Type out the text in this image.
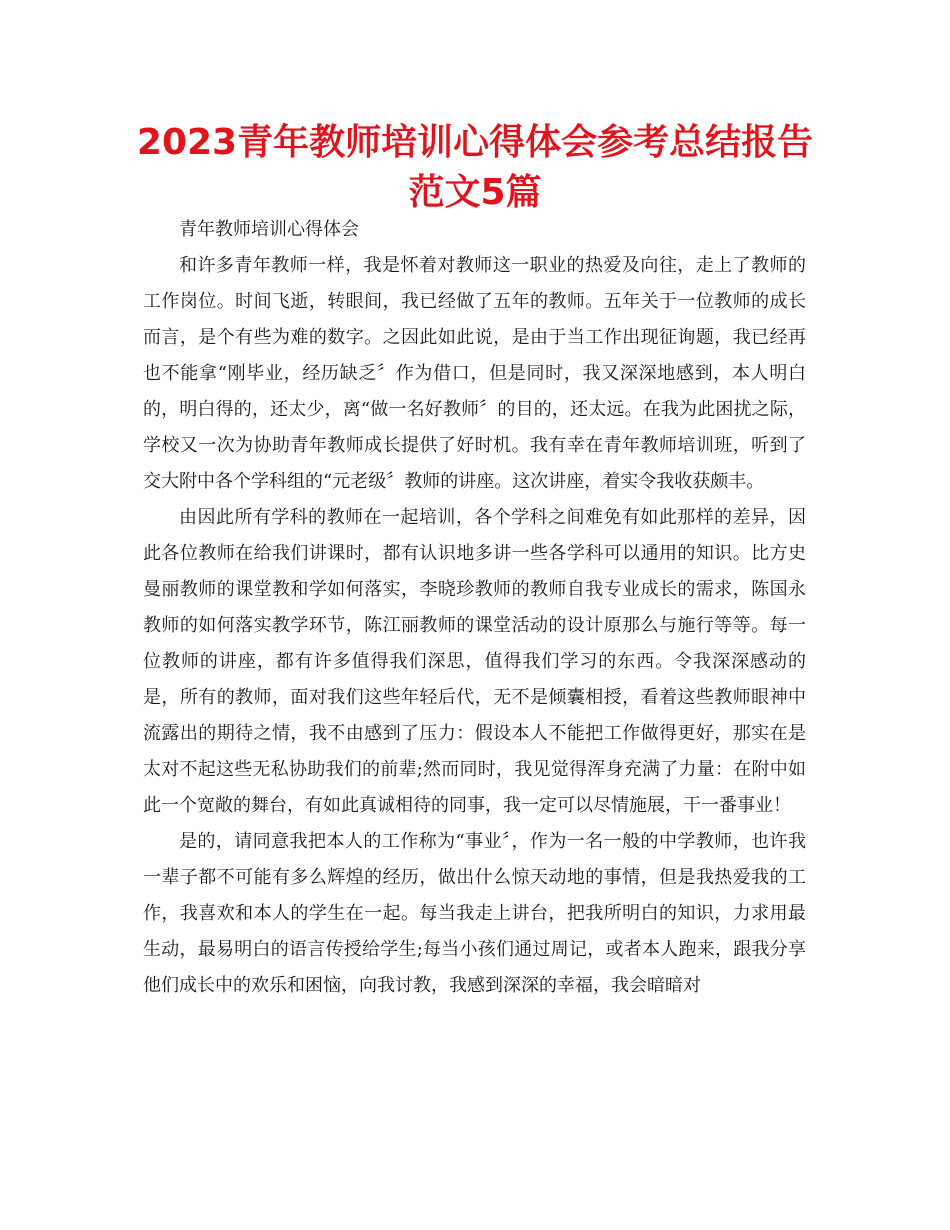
2023青年教师培训心得体会参考总结报告范文5篇

青年教师培训心得体会

和许多青年教师一样，我是怀着对教师这一职业的热爱及向往，走上了教师的工作岗位。时间飞逝，转眼间，我已经做了五年的教师。五年关于一位教师的成长而言，是个有些为难的数字。之因此如此说，是由于当工作出现征询题，我已经再也不能拿“刚毕业，经历缺乏〞作为借口，但是同时，我又深深地感到，本人明白的，明白得的，还太少，离“做一名好教师〞的目的，还太远。在我为此困扰之际，学校又一次为协助青年教师成长提供了好时机。我有幸在青年教师培训班，听到了交大附中各个学科组的“元老级〞教师的讲座。这次讲座，着实令我收获颇丰。

由因此所有学科的教师在一起培训，各个学科之间难免有如此那样的差异，因此各位教师在给我们讲课时，都有认识地多讲一些各学科可以通用的知识。比方史曼丽教师的课堂教和学如何落实，李晓珍教师的教师自我专业成长的需求，陈国永教师的如何落实教学环节，陈江丽教师的课堂活动的设计原那么与施行等等。每一位教师的讲座，都有许多值得我们深思，值得我们学习的东西。令我深深感动的是，所有的教师，面对我们这些年轻后代，无不是倾囊相授，看着这些教师眼神中流露出的期待之情，我不由感到了压力：假设本人不能把工作做得更好，那实在是太对不起这些无私协助我们的前辈;然而同时，我见觉得浑身充满了力量：在附中如此一个宽敞的舞台，有如此真诚相待的同事，我一定可以尽情施展，干一番事业！

是的，请同意我把本人的工作称为“事业〞，作为一名一般的中学教师，也许我一辈子都不可能有多么辉煌的经历，做出什么惊天动地的事情，但是我热爱我的工作，我喜欢和本人的学生在一起。每当我走上讲台，把我所明白的知识，力求用最生动，最易明白的语言传授给学生;每当小孩们通过周记，或者本人跑来，跟我分享他们成长中的欢乐和困恼，向我讨教，我感到深深的幸福，我会暗暗对
